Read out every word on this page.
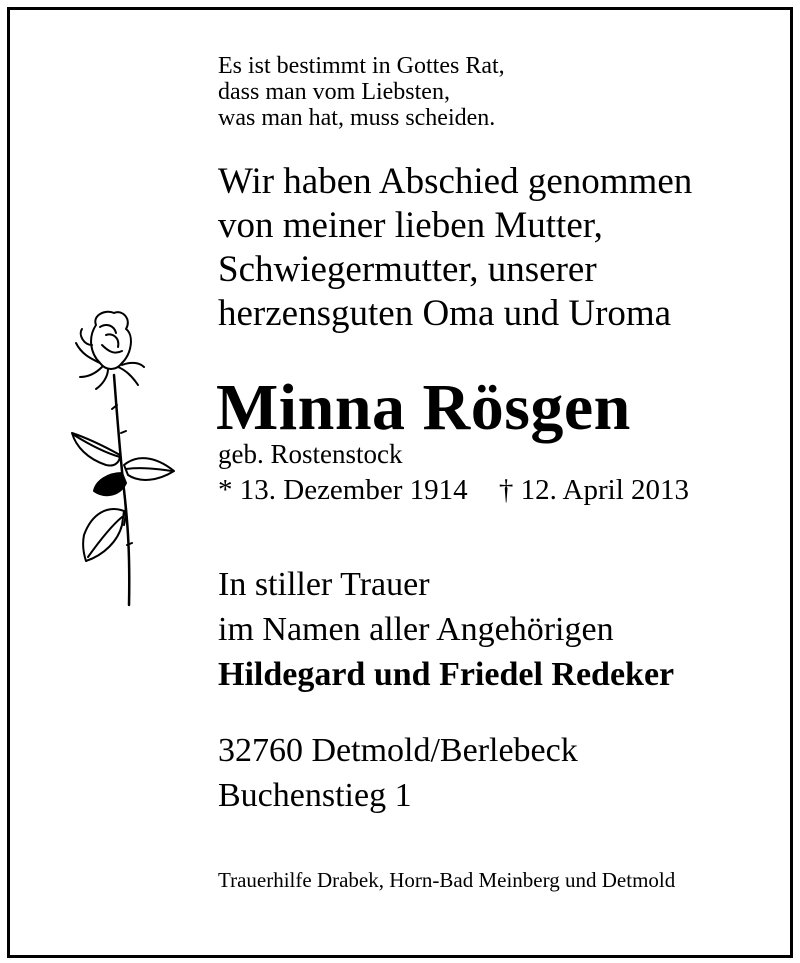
Es ist bestimmt in Gottes Rat,
dass man vom Liebsten,
was man hat, muss scheiden.
Wir haben Abschied genommen
von meiner lieben Mutter,
Schwiegermutter, unserer
herzensguten Oma und Uroma
Minna Rösgen
geb. Rostenstock
* 13. Dezember 1914 † 12. April 2013
In stiller Trauer
im Namen aller Angehörigen
Hildegard und Friedel Redeker
32760 Detmold/Berlebeck
Buchenstieg 1
Trauerhilfe Drabek, Horn-Bad Meinberg und Detmold
